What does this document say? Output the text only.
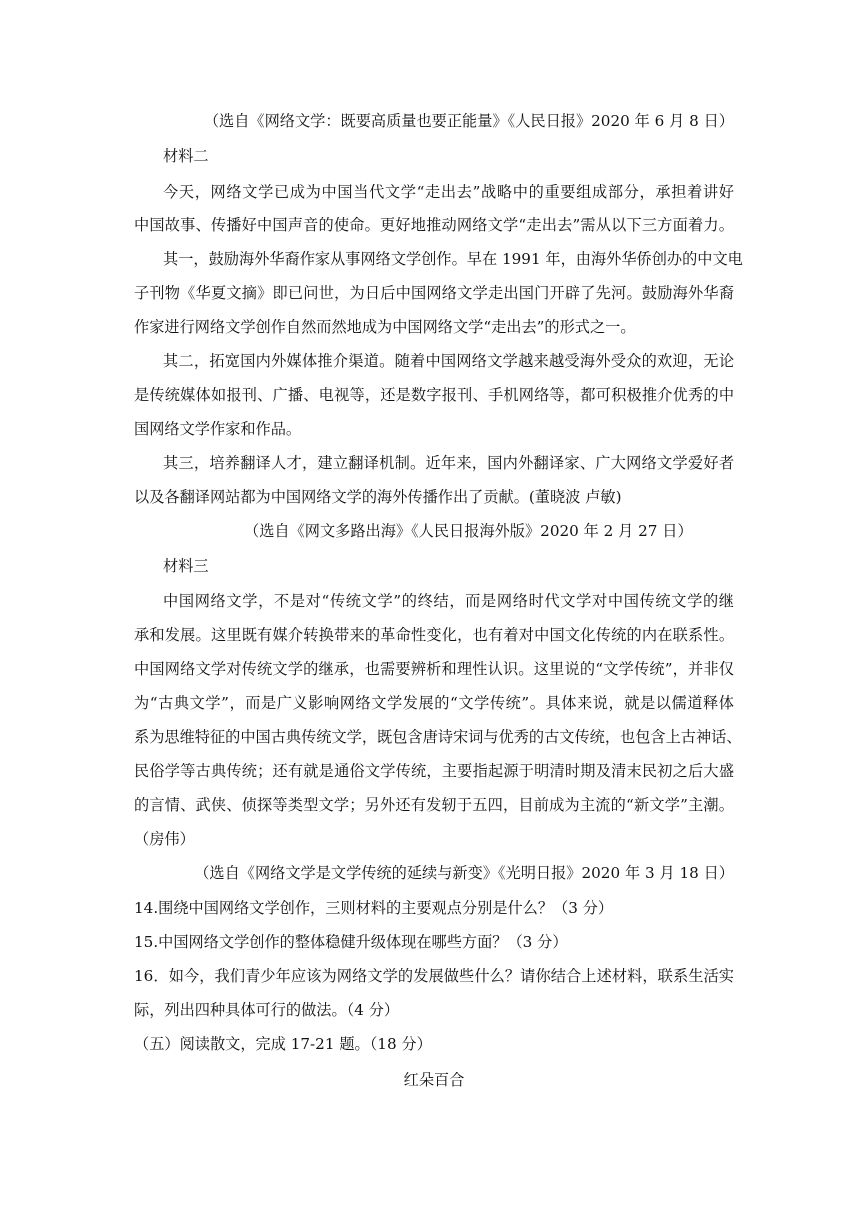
（选自《网络文学：既要高质量也要正能量》《人民日报》2020 年 6 月 8 日）
材料二
今天，网络文学已成为中国当代文学“走出去”战略中的重要组成部分，承担着讲好
中国故事、传播好中国声音的使命。更好地推动网络文学“走出去”需从以下三方面着力。
其一，鼓励海外华裔作家从事网络文学创作。早在 1991 年，由海外华侨创办的中文电
子刊物《华夏文摘》即已问世，为日后中国网络文学走出国门开辟了先河。鼓励海外华裔
作家进行网络文学创作自然而然地成为中国网络文学“走出去”的形式之一。
其二，拓宽国内外媒体推介渠道。随着中国网络文学越来越受海外受众的欢迎，无论
是传统媒体如报刊、广播、电视等，还是数字报刊、手机网络等，都可积极推介优秀的中
国网络文学作家和作品。
其三，培养翻译人才，建立翻译机制。近年来，国内外翻译家、广大网络文学爱好者
以及各翻译网站都为中国网络文学的海外传播作出了贡献。(董晓波 卢敏)
（选自《网文多路出海》《人民日报海外版》2020 年 2 月 27 日）
材料三
中国网络文学，不是对“传统文学”的终结，而是网络时代文学对中国传统文学的继
承和发展。这里既有媒介转换带来的革命性变化，也有着对中国文化传统的内在联系性。
中国网络文学对传统文学的继承，也需要辨析和理性认识。这里说的“文学传统”，并非仅
为“古典文学”，而是广义影响网络文学发展的“文学传统”。具体来说，就是以儒道释体
系为思维特征的中国古典传统文学，既包含唐诗宋词与优秀的古文传统，也包含上古神话、
民俗学等古典传统；还有就是通俗文学传统，主要指起源于明清时期及清末民初之后大盛
的言情、武侠、侦探等类型文学；另外还有发轫于五四，目前成为主流的“新文学”主潮。
（房伟）
（选自《网络文学是文学传统的延续与新变》《光明日报》2020 年 3 月 18 日）
14.围绕中国网络文学创作，三则材料的主要观点分别是什么？（3 分）
15.中国网络文学创作的整体稳健升级体现在哪些方面？（3 分）
16．如今，我们青少年应该为网络文学的发展做些什么？请你结合上述材料，联系生活实
际，列出四种具体可行的做法。（4 分）
（五）阅读散文，完成 17-21 题。（18 分）
红朵百合
